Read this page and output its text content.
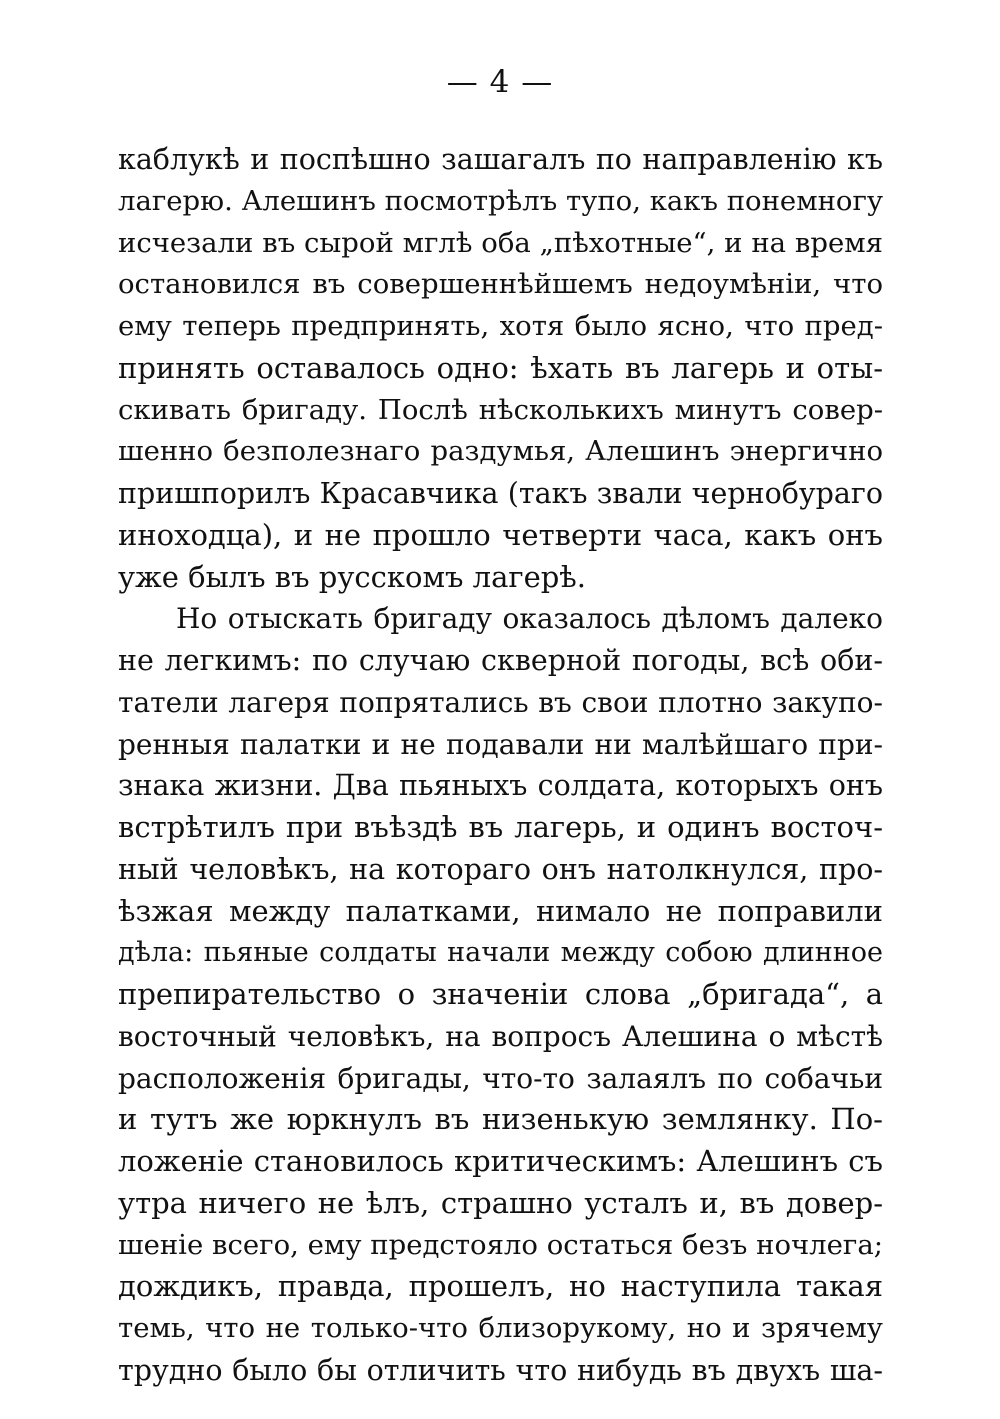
— 4 —
каблукѣ и поспѣшно зашагалъ по направленію къ
лагерю. Алешинъ посмотрѣлъ тупо, какъ понемногу
исчезали въ сырой мглѣ оба „пѣхотные“, и на время
остановился въ совершеннѣйшемъ недоумѣніи, что
ему теперь предпринять, хотя было ясно, что пред-
принять оставалось одно: ѣхать въ лагерь и оты-
скивать бригаду. Послѣ нѣсколькихъ минутъ совер-
шенно безполезнаго раздумья, Алешинъ энергично
пришпорилъ Красавчика (такъ звали чернобураго
иноходца), и не прошло четверти часа, какъ онъ
уже былъ въ русскомъ лагерѣ.
Но отыскать бригаду оказалось дѣломъ далеко
не легкимъ: по случаю скверной погоды, всѣ оби-
татели лагеря попрятались въ свои плотно закупо-
ренныя палатки и не подавали ни малѣйшаго при-
знака жизни. Два пьяныхъ солдата, которыхъ онъ
встрѣтилъ при въѣздѣ въ лагерь, и одинъ восточ-
ный человѣкъ, на котораго онъ натолкнулся, про-
ѣзжая между палатками, нимало не поправили
дѣла: пьяные солдаты начали между собою длинное
препирательство о значеніи слова „бригада“, а
восточный человѣкъ, на вопросъ Алешина о мѣстѣ
расположенія бригады, что-то залаялъ по собачьи
и тутъ же юркнулъ въ низенькую землянку. По-
ложеніе становилось критическимъ: Алешинъ съ
утра ничего не ѣлъ, страшно усталъ и, въ довер-
шеніе всего, ему предстояло остаться безъ ночлега;
дождикъ, правда, прошелъ, но наступила такая
темь, что не только-что близорукому, но и зрячему
трудно было бы отличить что нибудь въ двухъ ша-
